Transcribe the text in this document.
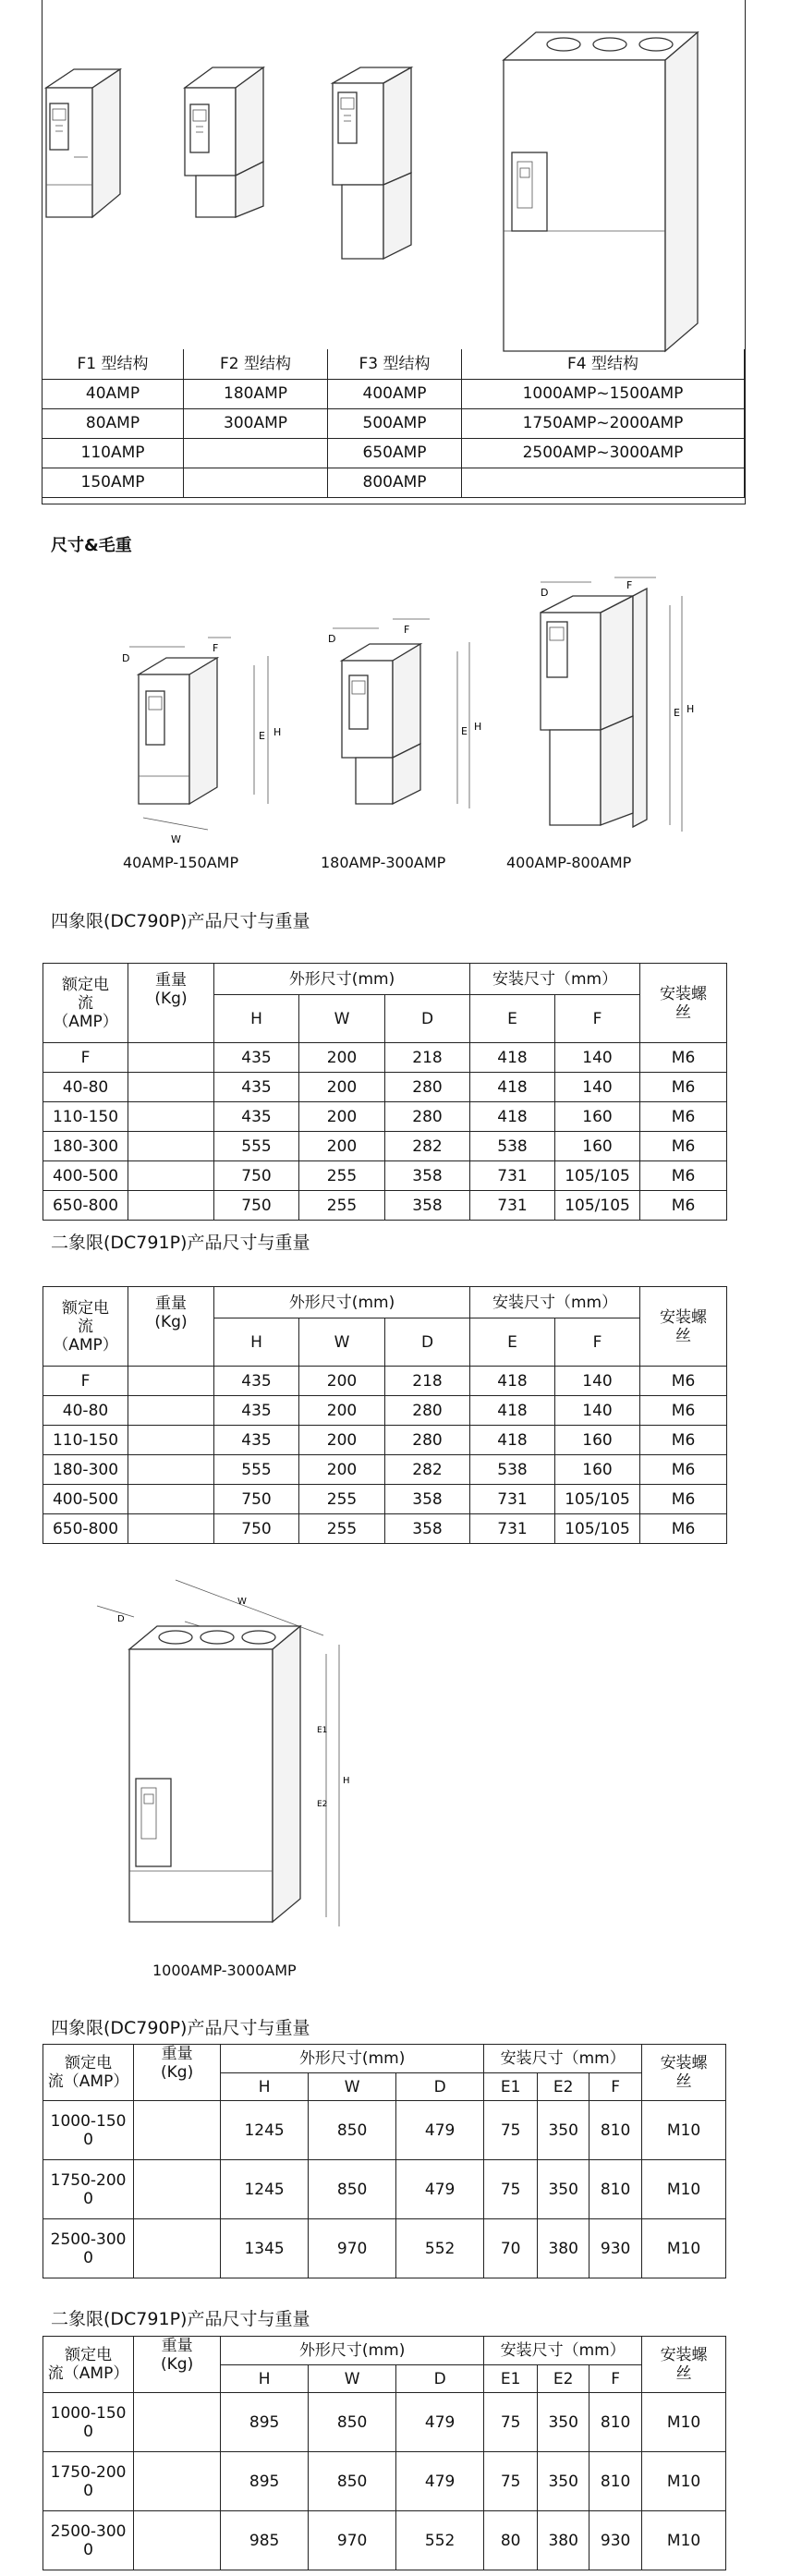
F1 型结构	F2 型结构	F3 型结构	F4 型结构
40AMP	180AMP	400AMP	1000AMP~1500AMP
80AMP	300AMP	500AMP	1750AMP~2000AMP
110AMP		650AMP	2500AMP~3000AMP
150AMP		800AMP	
尺寸&毛重
D
F
E H
W
40AMP-150AMP
D
F
E H
180AMP-300AMP
D
F
E H
400AMP-800AMP
四象限(DC790P)产品尺寸与重量
额定电
流
（AMP）	重量
(Kg)	外形尺寸(mm)			安装尺寸（mm）		安装螺
丝
		H	W	D	E	F	
F		435	200	218	418	140	M6
40-80		435	200	280	418	140	M6
110-150		435	200	280	418	160	M6
180-300		555	200	282	538	160	M6
400-500		750	255	358	731	105/105	M6
650-800		750	255	358	731	105/105	M6
二象限(DC791P)产品尺寸与重量
额定电
流
（AMP）	重量
(Kg)	外形尺寸(mm)			安装尺寸（mm）		安装螺
丝
		H	W	D	E	F	
F		435	200	218	418	140	M6
40-80		435	200	280	418	140	M6
110-150		435	200	280	418	160	M6
180-300		555	200	282	538	160	M6
400-500		750	255	358	731	105/105	M6
650-800		750	255	358	731	105/105	M6
D
W
E1
E2
H
1000AMP-3000AMP
四象限(DC790P)产品尺寸与重量
额定电
流（AMP）	重量
(Kg)	外形尺寸(mm)			安装尺寸（mm）			安装螺
丝
		H	W	D	E1	E2	F	
1000-150
0		1245	850	479	75	350	810	M10
1750-200
0		1245	850	479	75	350	810	M10
2500-300
0		1345	970	552	70	380	930	M10
二象限(DC791P)产品尺寸与重量
额定电
流（AMP）	重量
(Kg)	外形尺寸(mm)			安装尺寸（mm）			安装螺
丝
		H	W	D	E1	E2	F	
1000-150
0		895	850	479	75	350	810	M10
1750-200
0		895	850	479	75	350	810	M10
2500-300
0		985	970	552	80	380	930	M10
